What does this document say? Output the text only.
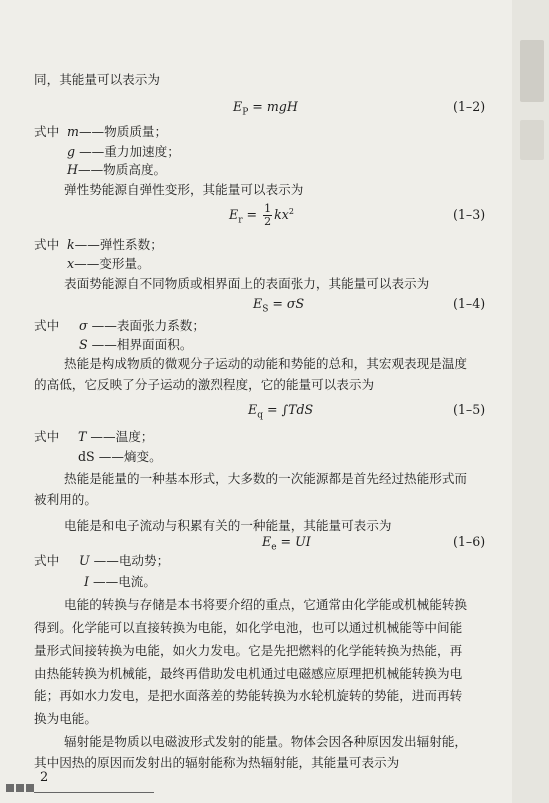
同，其能量可以表示为
$E_P$ = mgH	(1–2)
式中 m——物质质量；
g ——重力加速度；
H——物质高度。
弹性势能源自弹性变形，其能量可以表示为
$E_r = \frac{1}{2} kx^2$	(1–3)
式中 k——弹性系数；
x——变形量。
表面势能源自不同物质或相界面上的表面张力，其能量可以表示为
$E_S = \sigma S$	(1–4)
式中 σ ——表面张力系数；
S ——相界面面积。
热能是构成物质的微观分子运动的动能和势能的总和，其宏观表现是温度
的高低，它反映了分子运动的激烈程度，它的能量可以表示为
$E_q = \int TdS$	(1–5)
式中 T ——温度；
dS ——熵变。
热能是能量的一种基本形式，大多数的一次能源都是首先经过热能形式而
被利用的。
电能是和电子流动与积累有关的一种能量，其能量可表示为
$E_e$ = UI	(1–6)
式中 U ——电动势；
I ——电流。
电能的转换与存储是本书将要介绍的重点，它通常由化学能或机械能转换
得到。化学能可以直接转换为电能，如化学电池，也可以通过机械能等中间能
量形式间接转换为电能，如火力发电。它是先把燃料的化学能转换为热能，再
由热能转换为机械能，最终再借助发电机通过电磁感应原理把机械能转换为电
能；再如水力发电，是把水面落差的势能转换为水轮机旋转的势能，进而再转
换为电能。
辐射能是物质以电磁波形式发射的能量。物体会因各种原因发出辐射能，
其中因热的原因而发射出的辐射能称为热辐射能，其能量可表示为
2
